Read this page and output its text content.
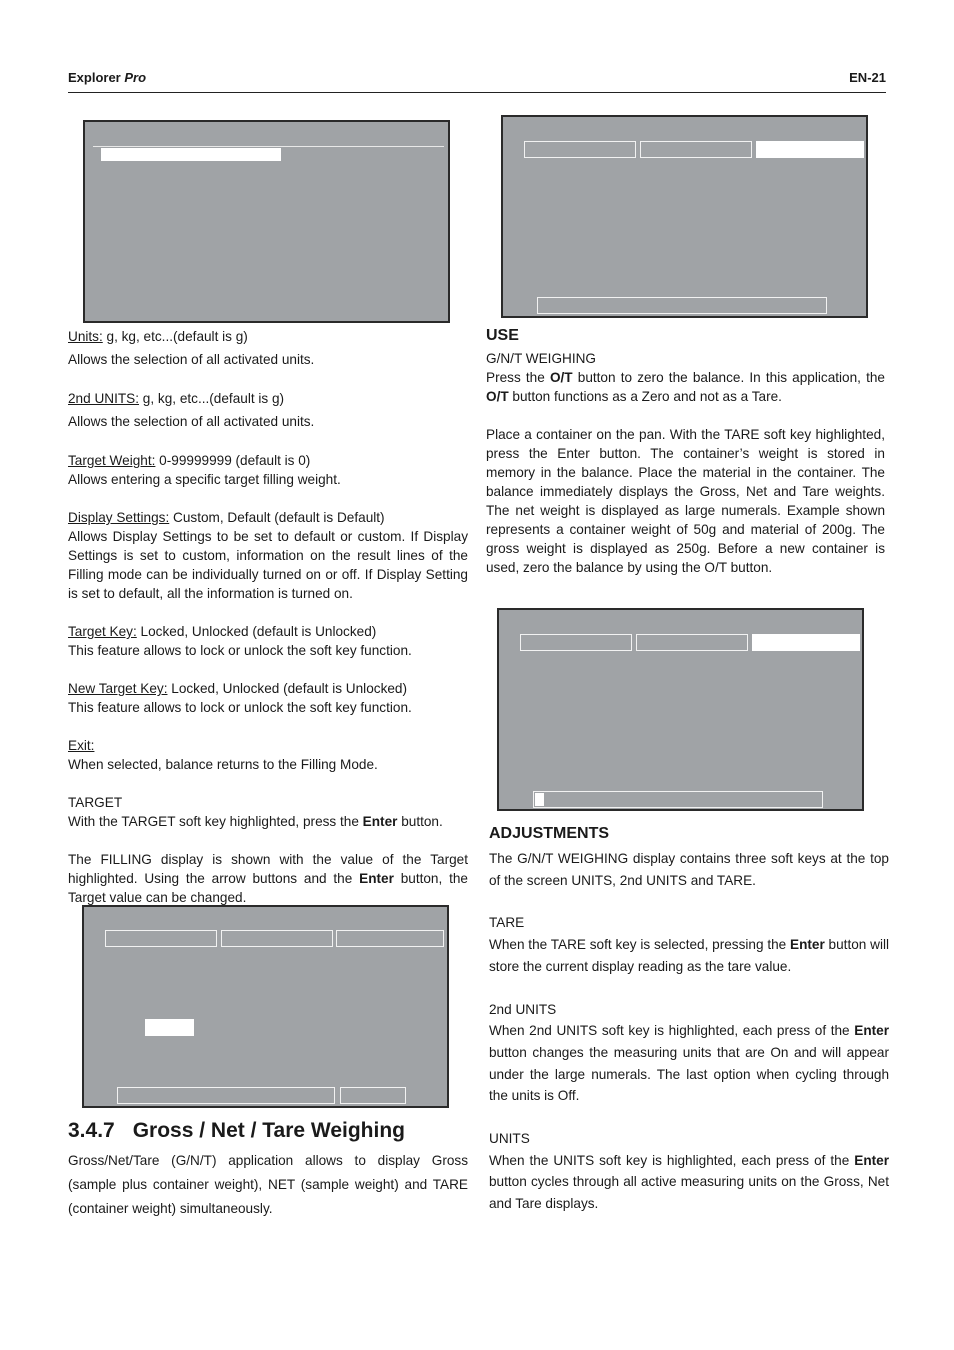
Explorer Pro	EN-21

Units: g, kg, etc...(default is g)

Allows the selection of all activated units.

2nd UNITS: g, kg, etc...(default is g)

Allows the selection of all activated units.

Target Weight: 0-99999999 (default is 0)

Allows entering a specific target filling weight.

Display Settings: Custom, Default (default is Default)

Allows Display Settings to be set to default or custom. If Display Settings is set to custom, information on the result lines of the Filling mode can be individually turned on or off. If Display Setting is set to default, all the information is turned on.

Target Key: Locked, Unlocked (default is Unlocked)

This feature allows to lock or unlock the soft key function.

New Target Key: Locked, Unlocked (default is Unlocked)

This feature allows to lock or unlock the soft key function.

Exit:

When selected, balance returns to the Filling Mode.

TARGET

With the TARGET soft key highlighted, press the Enter button.

The FILLING display is shown with the value of the Target highlighted. Using the arrow buttons and the Enter button, the Target value can be changed.

3.4.7 Gross / Net / Tare Weighing
Gross/Net/Tare (G/N/T) application allows to display Gross (sample plus container weight), NET (sample weight) and TARE (container weight) simultaneously.
USE

G/N/T WEIGHING

Press the O/T button to zero the balance. In this application, the O/T button functions as a Zero and not as a Tare.

Place a container on the pan. With the TARE soft key highlighted, press the Enter button. The container’s weight is stored in memory in the balance. Place the material in the container. The balance immediately displays the Gross, Net and Tare weights. The net weight is displayed as large numerals. Example shown represents a container weight of 50g and material of 200g. The gross weight is displayed as 250g. Before a new container is used, zero the balance by using the O/T button.

ADJUSTMENTS

The G/N/T WEIGHING display contains three soft keys at the top of the screen UNITS, 2nd UNITS and TARE.

TARE

When the TARE soft key is selected, pressing the Enter button will store the current display reading as the tare value.

2nd UNITS

When 2nd UNITS soft key is highlighted, each press of the Enter button changes the measuring units that are On and will appear under the large numerals. The last option when cycling through the units is Off.

UNITS

When the UNITS soft key is highlighted, each press of the Enter button cycles through all active measuring units on the Gross, Net and Tare displays.
